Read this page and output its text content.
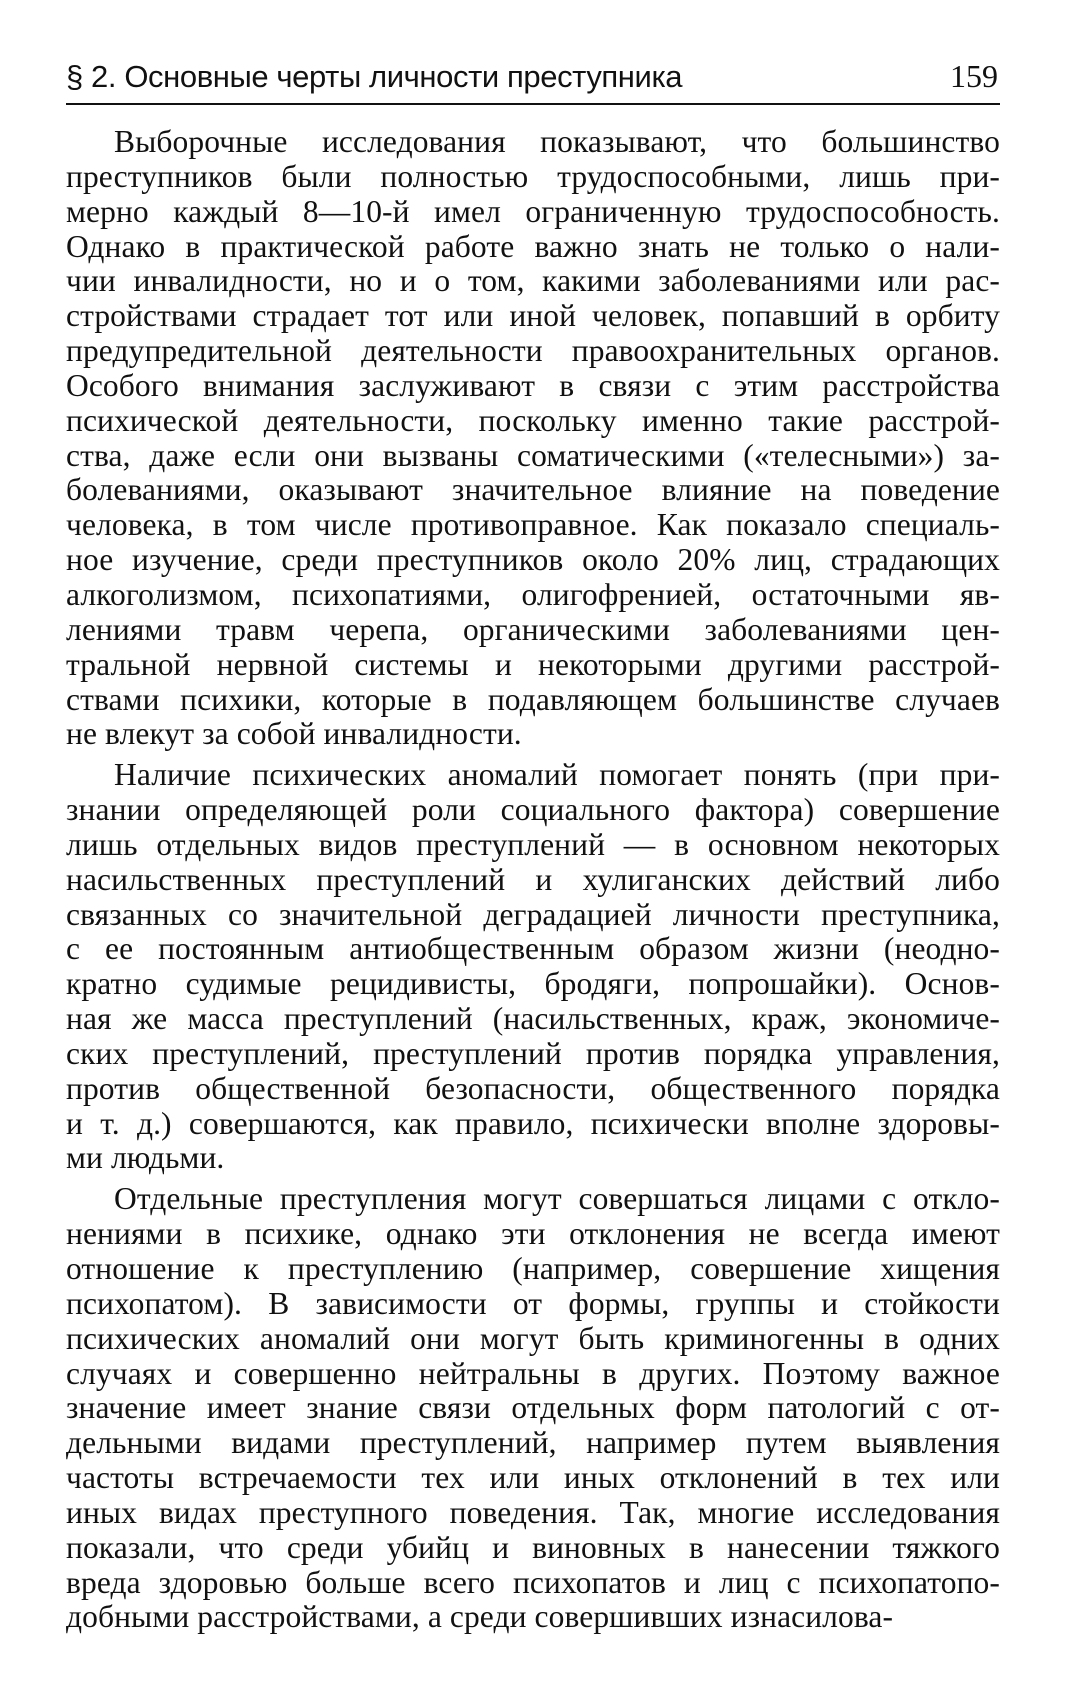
§ 2. Основные черты личности преступника	159
Выборочные исследования показывают, что большинство
преступников были полностью трудоспособными, лишь при-
мерно каждый 8—10-й имел ограниченную трудоспособность.
Однако в практической работе важно знать не только о нали-
чии инвалидности, но и о том, какими заболеваниями или рас-
стройствами страдает тот или иной человек, попавший в орбиту
предупредительной деятельности правоохранительных органов.
Особого внимания заслуживают в связи с этим расстройства
психической деятельности, поскольку именно такие расстрой-
ства, даже если они вызваны соматическими («телесными») за-
болеваниями, оказывают значительное влияние на поведение
человека, в том числе противоправное. Как показало специаль-
ное изучение, среди преступников около 20% лиц, страдающих
алкоголизмом, психопатиями, олигофренией, остаточными яв-
лениями травм черепа, органическими заболеваниями цен-
тральной нервной системы и некоторыми другими расстрой-
ствами психики, которые в подавляющем большинстве случаев
не влекут за собой инвалидности.
Наличие психических аномалий помогает понять (при при-
знании определяющей роли социального фактора) совершение
лишь отдельных видов преступлений — в основном некоторых
насильственных преступлений и хулиганских действий либо
связанных со значительной деградацией личности преступника,
с ее постоянным антиобщественным образом жизни (неодно-
кратно судимые рецидивисты, бродяги, попрошайки). Основ-
ная же масса преступлений (насильственных, краж, экономиче-
ских преступлений, преступлений против порядка управления,
против общественной безопасности, общественного порядка
и т. д.) совершаются, как правило, психически вполне здоровы-
ми людьми.
Отдельные преступления могут совершаться лицами с откло-
нениями в психике, однако эти отклонения не всегда имеют
отношение к преступлению (например, совершение хищения
психопатом). В зависимости от формы, группы и стойкости
психических аномалий они могут быть криминогенны в одних
случаях и совершенно нейтральны в других. Поэтому важное
значение имеет знание связи отдельных форм патологий с от-
дельными видами преступлений, например путем выявления
частоты встречаемости тех или иных отклонений в тех или
иных видах преступного поведения. Так, многие исследования
показали, что среди убийц и виновных в нанесении тяжкого
вреда здоровью больше всего психопатов и лиц с психопатопо-
добными расстройствами, а среди совершивших изнасилова-
